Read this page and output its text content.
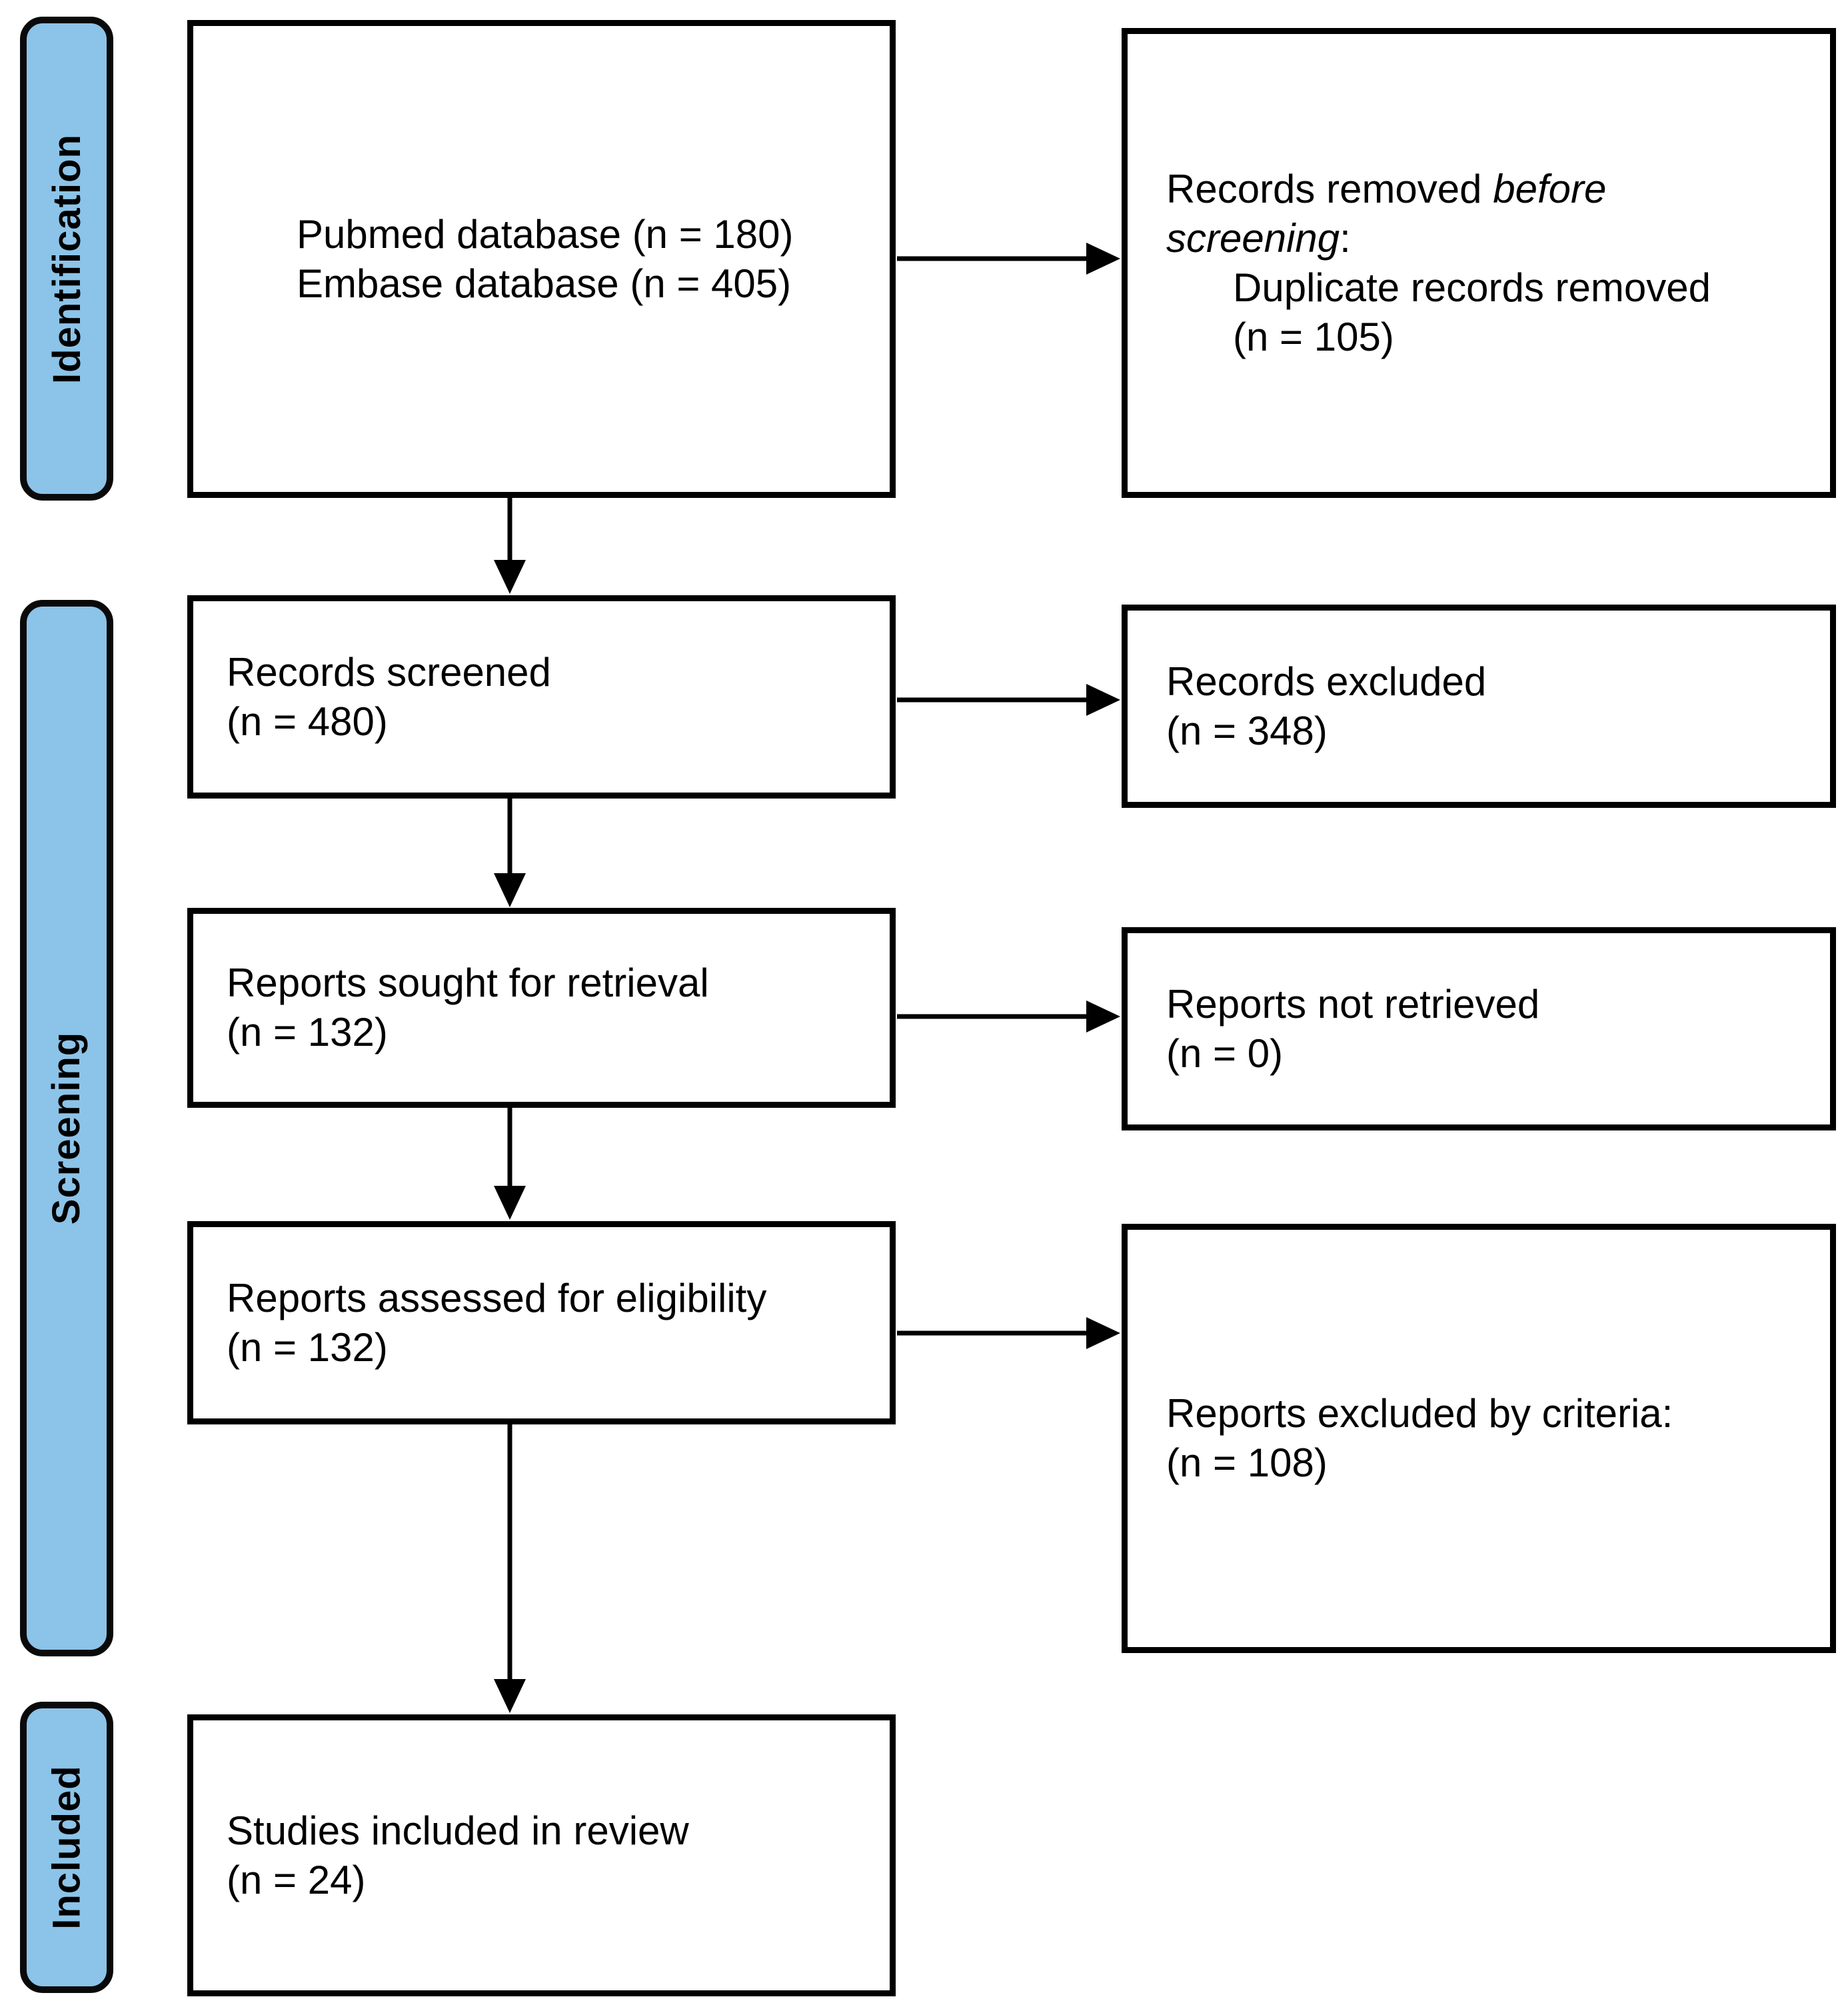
Identification
Screening
Included
Pubmed database (n = 180)
Embase database (n = 405)
Records removed before
screening:
Duplicate records removed
(n = 105)
Records screened
(n = 480)
Records excluded
(n = 348)
Reports sought for retrieval
(n = 132)
Reports not retrieved
(n = 0)
Reports assessed for eligibility
(n = 132)
Reports excluded by criteria:
(n = 108)
Studies included in review
(n = 24)
